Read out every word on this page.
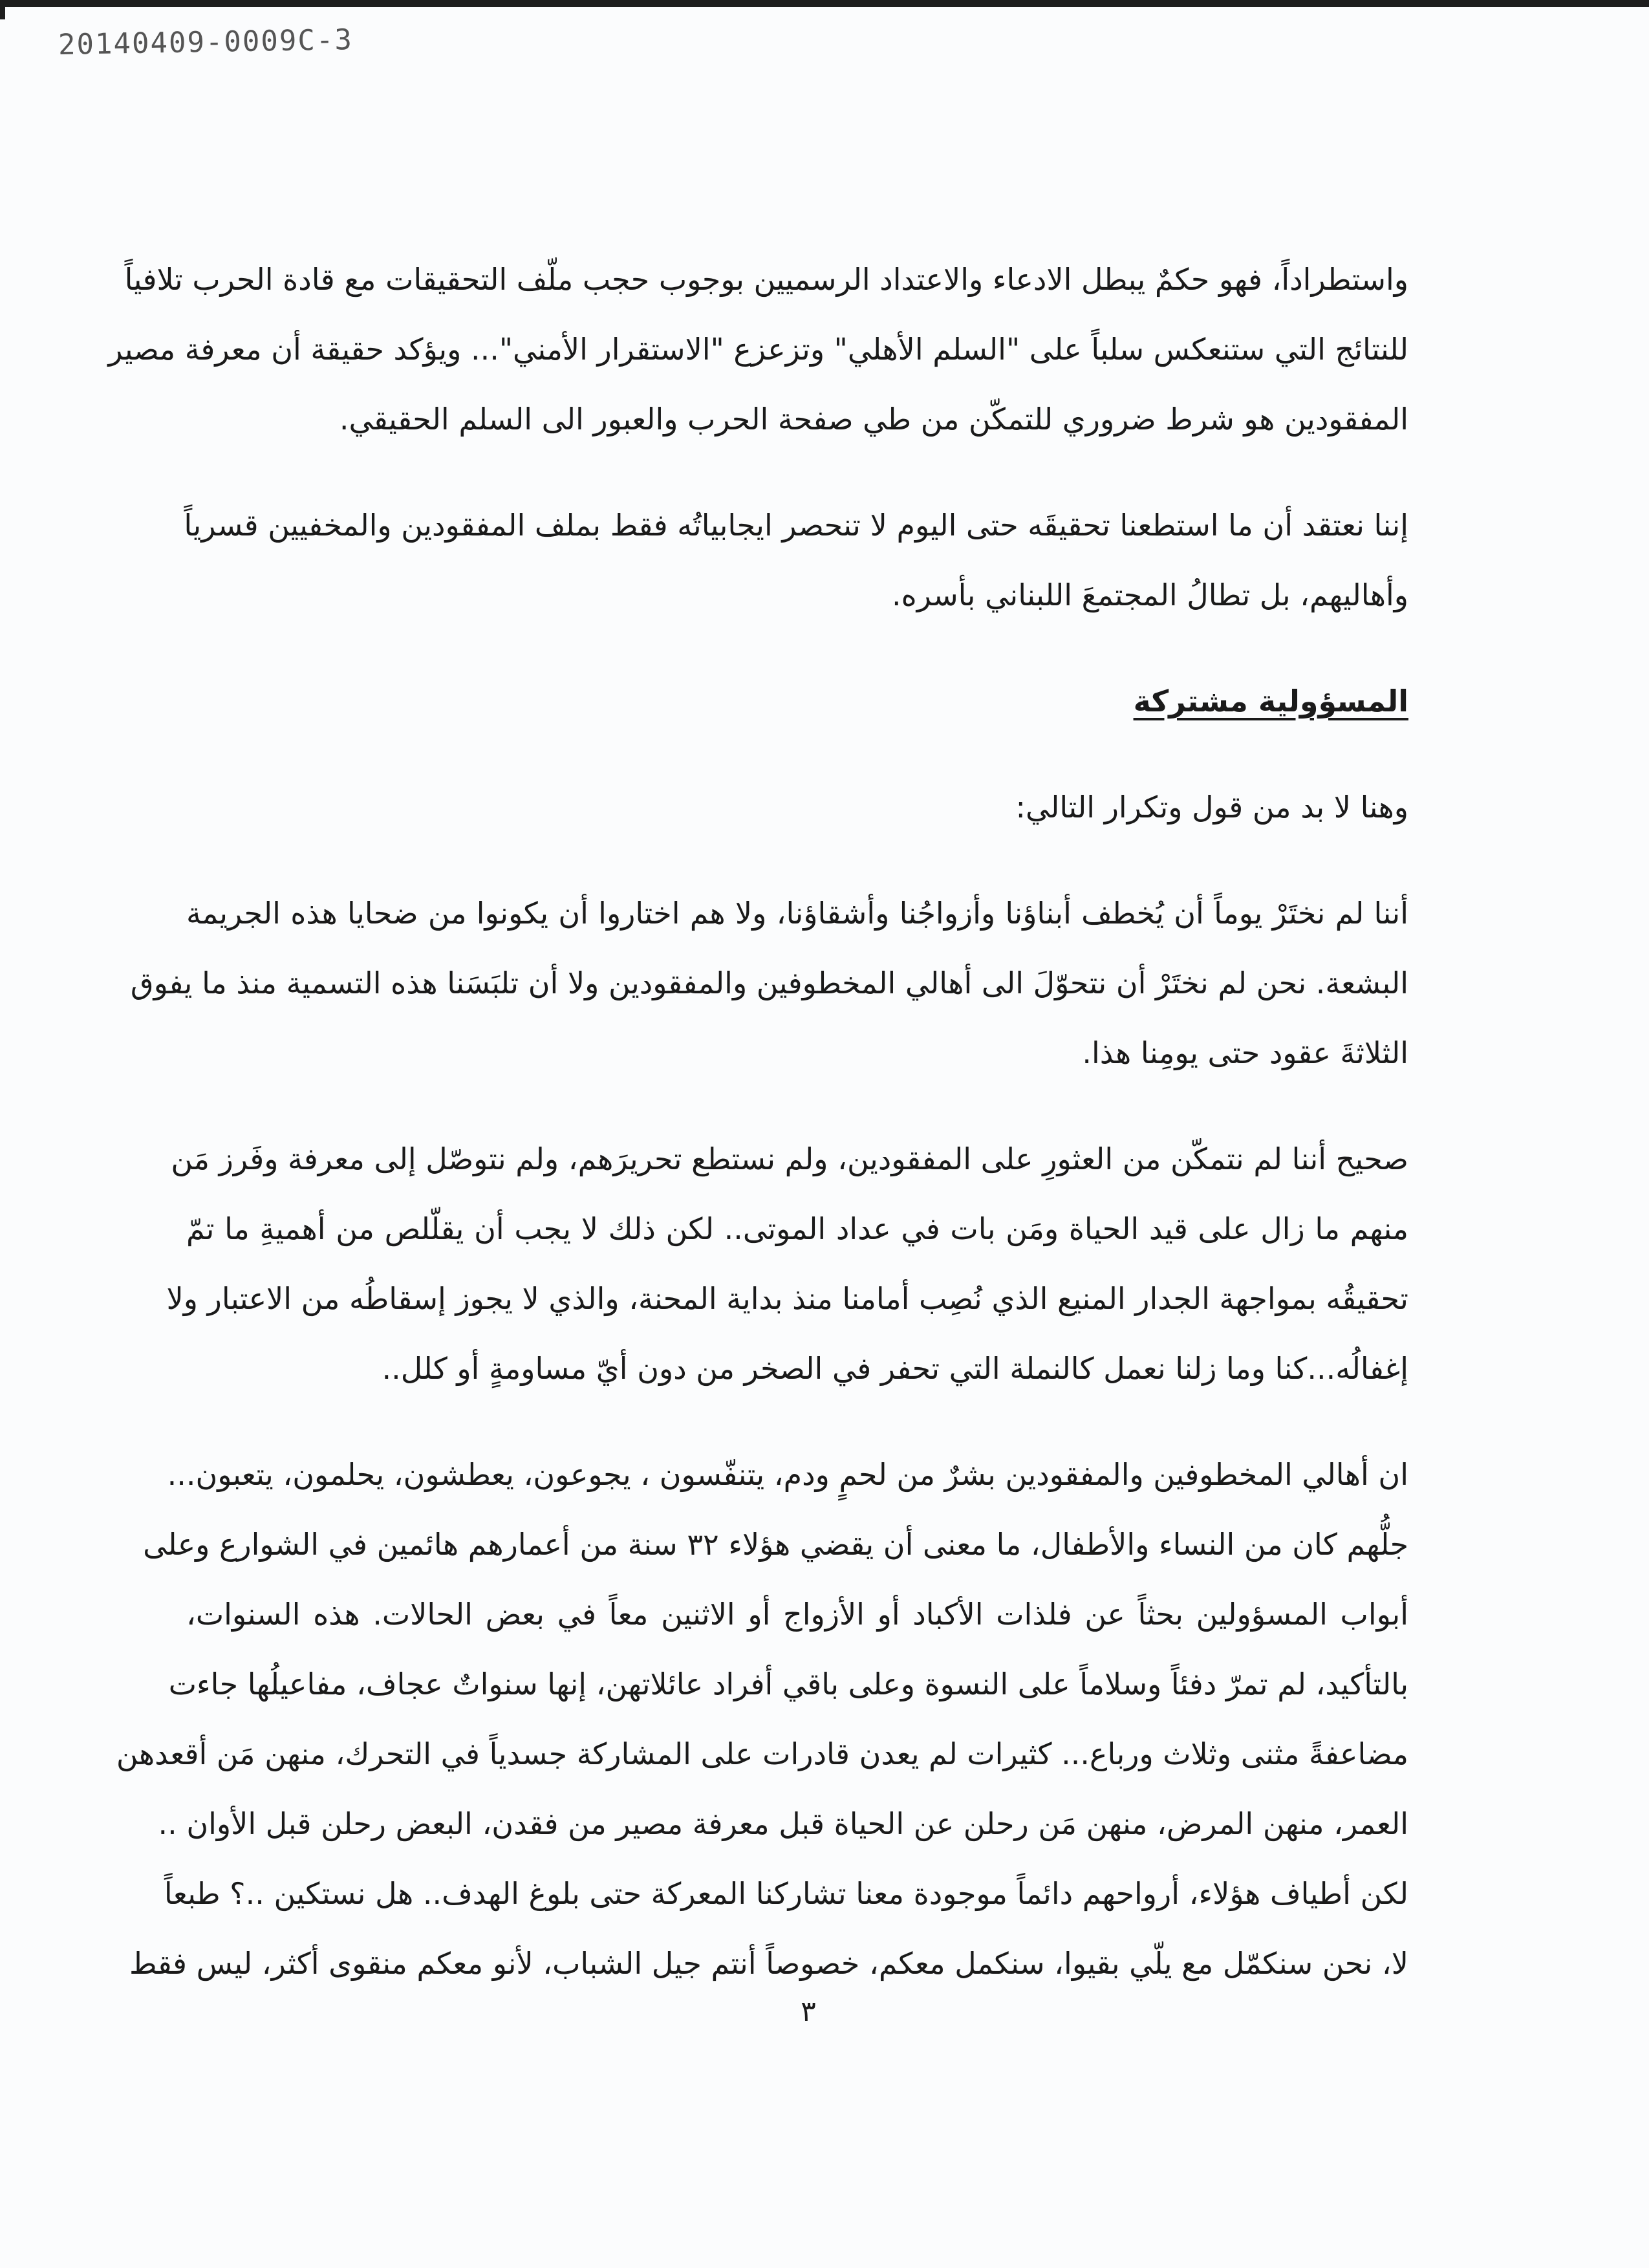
20140409-0009C-3
واستطراداً، فهو حكمٌ يبطل الادعاء والاعتداد الرسميين بوجوب حجب ملّف التحقيقات مع قادة الحرب تلافياً
للنتائج التي ستنعكس سلباً على "السلم الأهلي" وتزعزع "الاستقرار الأمني"... ويؤكد حقيقة أن معرفة مصير
المفقودين هو شرط ضروري للتمكّن من طي صفحة الحرب والعبور الى السلم الحقيقي.
إننا نعتقد أن ما استطعنا تحقيقَه حتى اليوم لا تنحصر ايجابياتُه فقط بملف المفقودين والمخفيين قسرياً
وأهاليهم، بل تطالُ المجتمعَ اللبناني بأسره.
المسؤولية مشتركة
وهنا لا بد من قول وتكرار التالي:
أننا لم نختَرْ يوماً أن يُخطف أبناؤنا وأزواجُنا وأشقاؤنا، ولا هم اختاروا أن يكونوا من ضحايا هذه الجريمة
البشعة. نحن لم نختَرْ أن نتحوّلَ الى أهالي المخطوفين والمفقودين ولا أن تلبَسَنا هذه التسمية منذ ما يفوق
الثلاثةَ عقود حتى يومِنا هذا.
صحيح أننا لم نتمكّن من العثورِ على المفقودين، ولم نستطع تحريرَهم، ولم نتوصّل إلى معرفة وفَرز مَن
منهم ما زال على قيد الحياة ومَن بات في عداد الموتى.. لكن ذلك لا يجب أن يقلّلص من أهميةِ ما تمّ
تحقيقُه بمواجهة الجدار المنيع الذي نُصِب أمامنا منذ بداية المحنة، والذي لا يجوز إسقاطُه من الاعتبار ولا
إغفالُه...كنا وما زلنا نعمل كالنملة التي تحفر في الصخر من دون أيّ مساومةٍ أو كلل..
ان أهالي المخطوفين والمفقودين بشرٌ من لحمٍ ودم، يتنفّسون ، يجوعون، يعطشون، يحلمون، يتعبون...
جلُّهم كان من النساء والأطفال، ما معنى أن يقضي هؤلاء ٣٢ سنة من أعمارهم هائمين في الشوارع وعلى
أبواب المسؤولين بحثاً عن فلذات الأكباد أو الأزواج أو الاثنين معاً في بعض الحالات. هذه السنوات،
بالتأكيد، لم تمرّ دفئاً وسلاماً على النسوة وعلى باقي أفراد عائلاتهن، إنها سنواتٌ عجاف، مفاعيلُها جاءت
مضاعفةً مثنى وثلاث ورباع... كثيرات لم يعدن قادرات على المشاركة جسدياً في التحرك، منهن مَن أقعدهن
العمر، منهن المرض، منهن مَن رحلن عن الحياة قبل معرفة مصير من فقدن، البعض رحلن قبل الأوان ..
لكن أطياف هؤلاء، أرواحهم دائماً موجودة معنا تشاركنا المعركة حتى بلوغ الهدف.. هل نستكين ..؟ طبعاً
لا، نحن سنكمّل مع يلّي بقيوا، سنكمل معكم، خصوصاً أنتم جيل الشباب، لأنو معكم منقوى أكثر، ليس فقط
٣
